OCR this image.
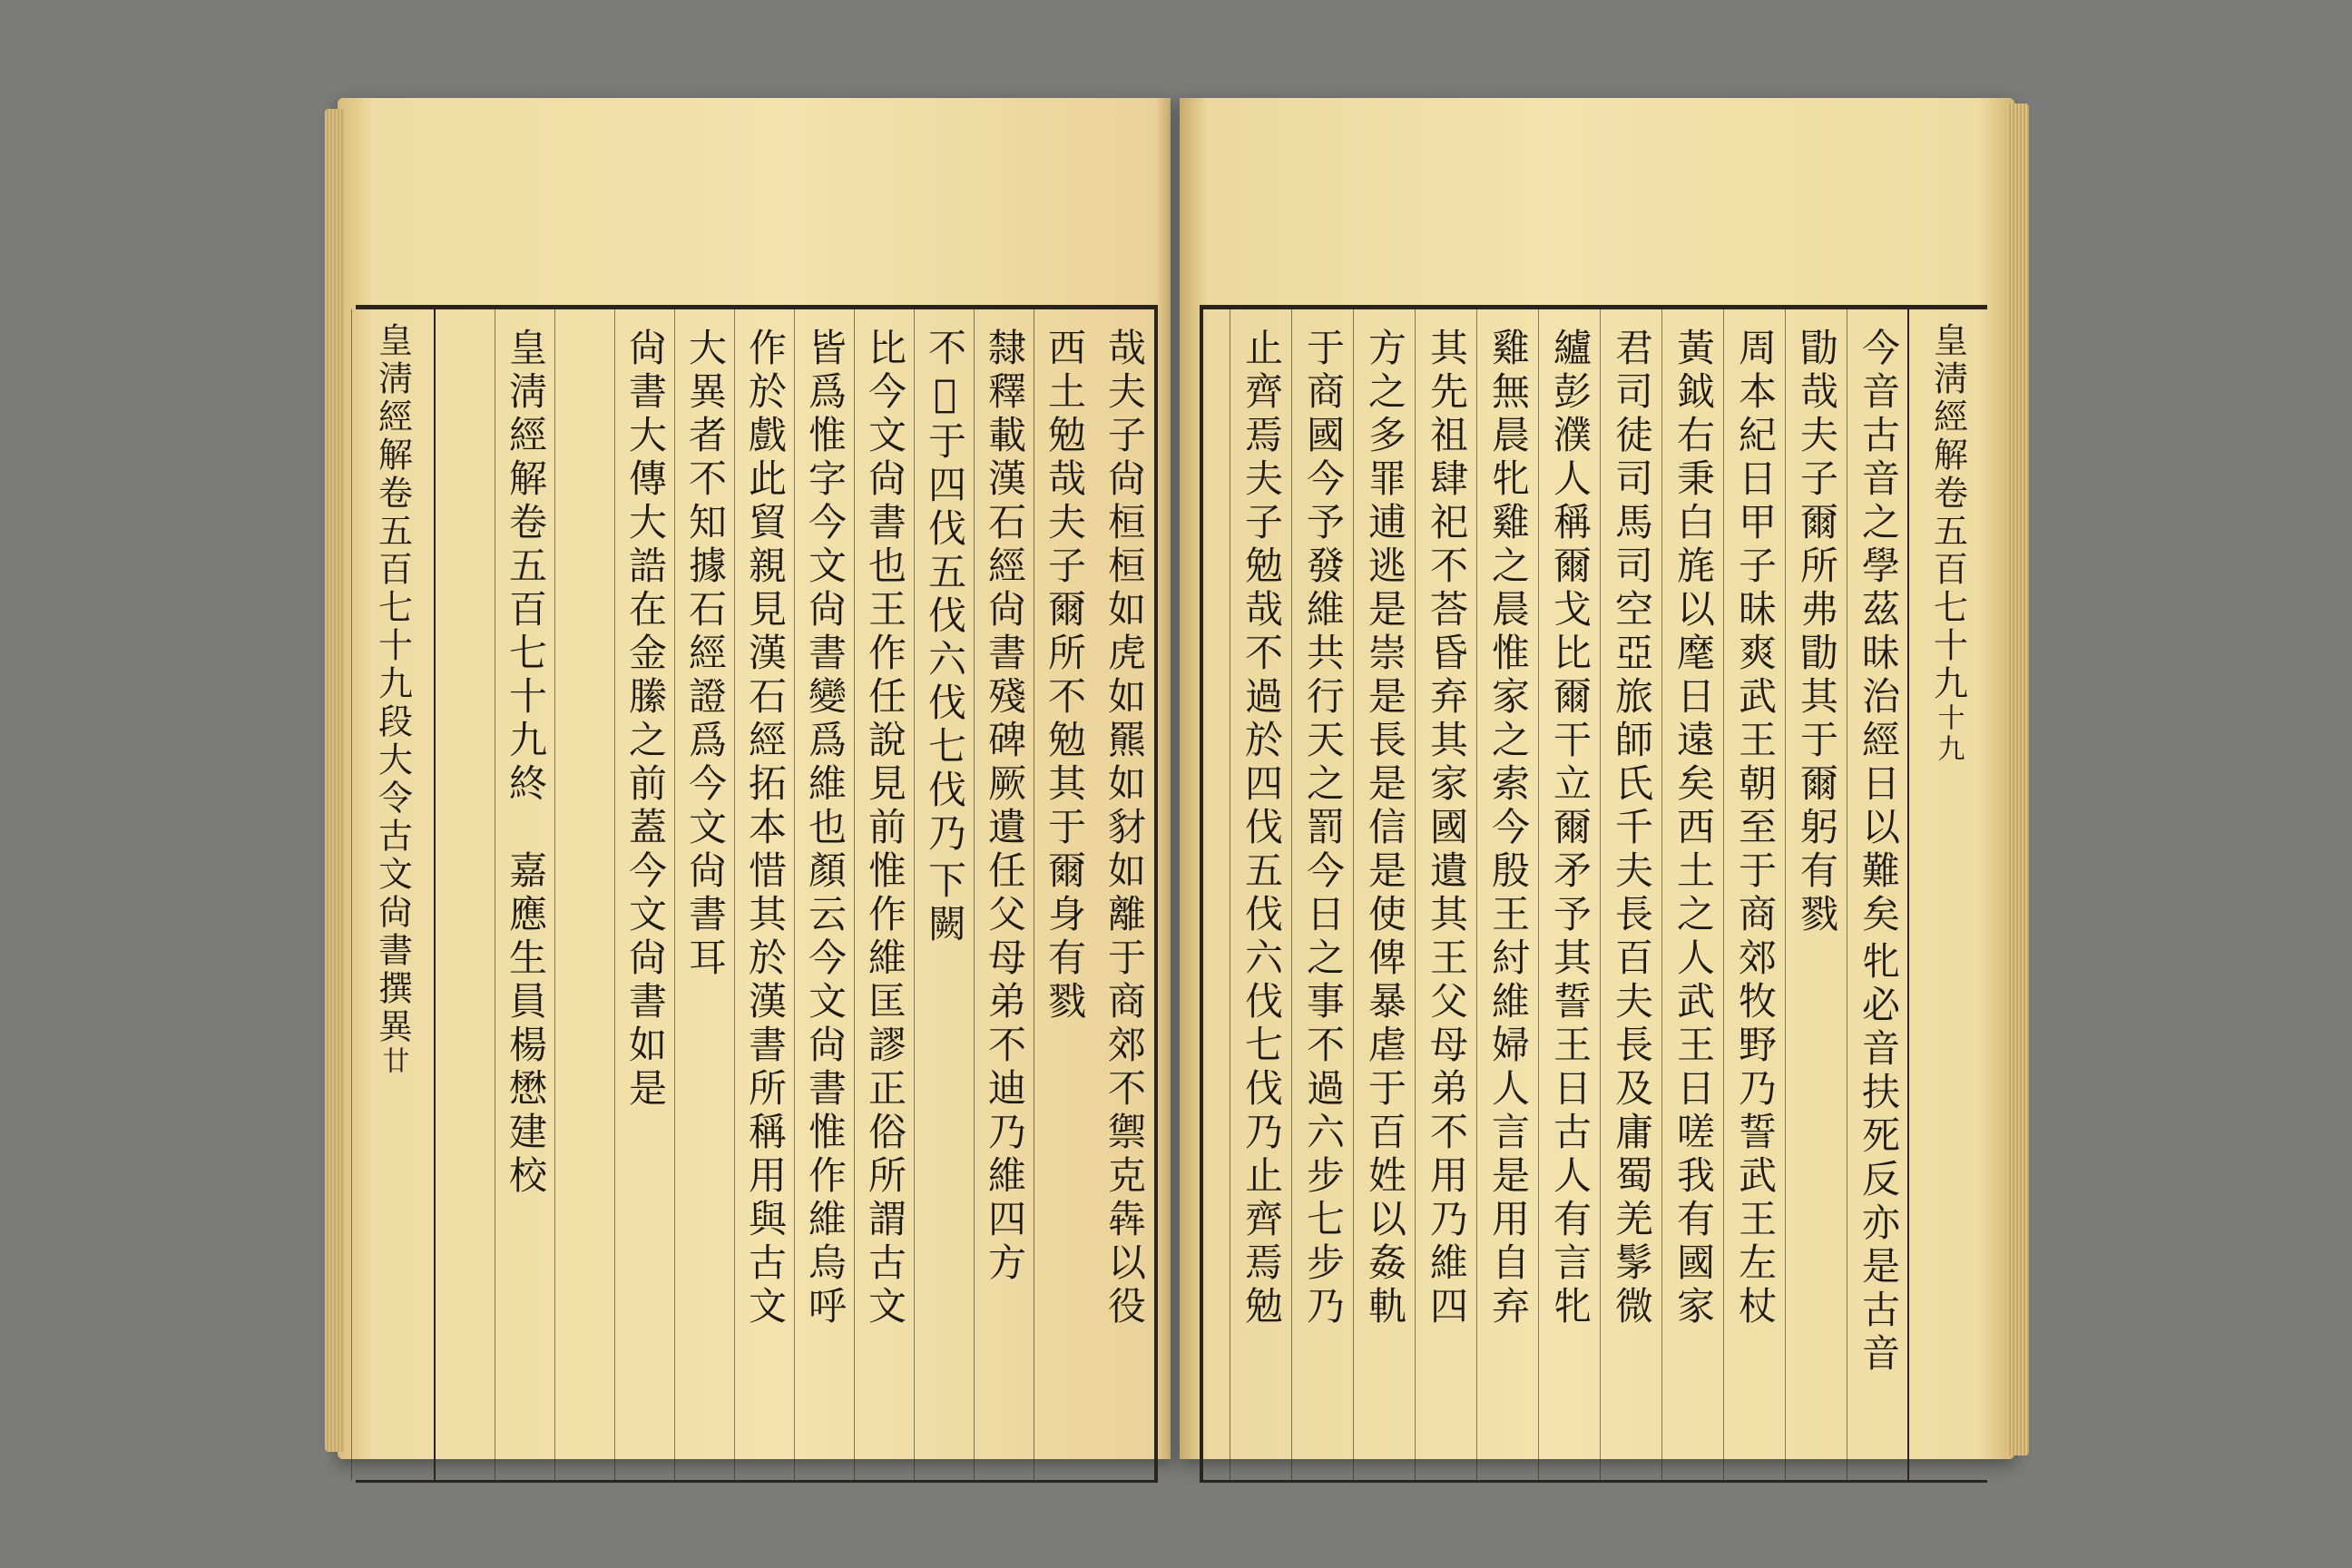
哉夫子尙桓桓如虎如羆如豺如離于商郊不禦克犇以役
西土勉哉夫子爾所不勉其于爾身有戮
隸釋載漢石經尙書殘碑厥遺任父母弟不迪乃維四方
不𧗓于四伐五伐六伐七伐乃
下闕
比今文尙書也王作任說見前惟作維匡謬正俗所謂古文
皆爲惟字今文尙書變爲維也顏云今文尙書惟作維烏呼
作於戲此貿親見漢石經拓本惜其於漢書所稱用與古文
大異者不知據石經證爲今文尙書耳
尙書大傳大誥在金縢之前蓋今文尙書如是
皇淸經解卷五百七十九終　嘉應生員楊懋建校
皇淸經解卷五百七十九段大令古文尙書撰異廿
皇淸經解卷五百七十九十九
今音古音之學茲昧治經日以難矣
牝必音扶死反亦是古音
勖哉夫子爾所弗勖其于爾躬有戮
周本紀日甲子昧爽武王朝至于商郊牧野乃誓武王左杖
黃鉞右秉白旄以麾日遠矣西土之人武王日嗟我有國家
君司徒司馬司空亞旅師氏千夫長百夫長及庸蜀羌髳微
纑彭濮人稱爾戈比爾干立爾矛予其誓王日古人有言牝
雞無晨牝雞之晨惟家之索今殷王紂維婦人言是用自弃
其先祖肆祀不荅昏弃其家國遺其王父母弟不用乃維四
方之多罪逋逃是崇是長是信是使俾暴虐于百姓以姦軌
于商國今予發維共行天之罰今日之事不過六步七步乃
止齊焉夫子勉哉不過於四伐五伐六伐七伐乃止齊焉勉
